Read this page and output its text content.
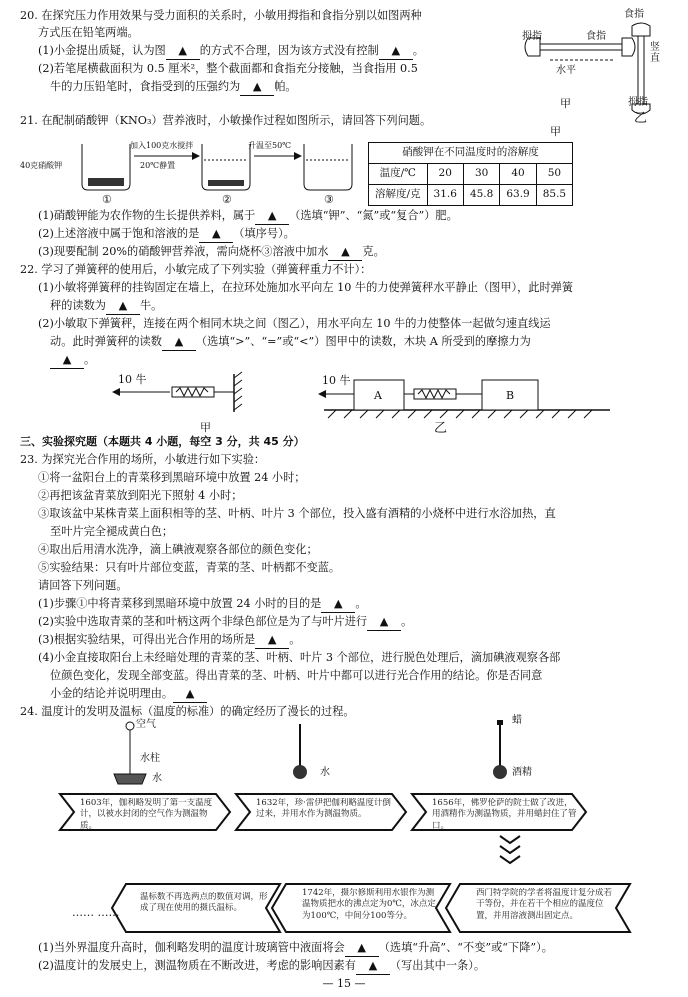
20. 在探究压力作用效果与受力面积的关系时，小敏用拇指和食指分别以如图两种
方式压在铅笔两端。
(1)小金提出质疑，认为图 ▲ 的方式不合理，因为该方式没有控制 ▲ 。
(2)若笔尾横截面积为 0.5 厘米²，整个截面都和食指充分接触，当食指用 0.5
牛的力压铅笔时，食指受到的压强约为 ▲ 帕。
拇指	食指
水平
食指
竖直
拇指
甲
乙
21. 在配制硝酸钾（KNO₃）营养液时，小敏操作过程如图所示，请回答下列问题。
40克硝酸钾
加入100克水搅拌
20℃静置
升温至50℃
①	②	③
甲
硝酸钾在不同温度时的溶解度				
温度/℃	20	30	40	50
溶解度/克	31.6	45.8	63.9	85.5
(1)硝酸钾能为农作物的生长提供养料，属于 ▲ （选填“钾”、“氮”或“复合”）肥。
(2)上述溶液中属于饱和溶液的是 ▲ （填序号）。
(3)现要配制 20%的硝酸钾营养液，需向烧杯③溶液中加水 ▲ 克。
22. 学习了弹簧秤的使用后，小敏完成了下列实验（弹簧秤重力不计）：
(1)小敏将弹簧秤的挂钩固定在墙上，在拉环处施加水平向左 10 牛的力使弹簧秤水平静止（图甲），此时弹簧
秤的读数为 ▲ 牛。
(2)小敏取下弹簧秤，连接在两个相同木块之间（图乙），用水平向左 10 牛的力使整体一起做匀速直线运
动。此时弹簧秤的读数 ▲ （选填“>”、“=”或“<”）图甲中的读数，木块 A 所受到的摩擦力为
▲ 。
10 牛	10 牛
A	B
甲	乙
三、实验探究题（本题共 4 小题，每空 3 分，共 45 分）
23. 为探究光合作用的场所，小敏进行如下实验：
①将一盆阳台上的青菜移到黑暗环境中放置 24 小时；
②再把该盆青菜放到阳光下照射 4 小时；
③取该盆中某株青菜上面积相等的茎、叶柄、叶片 3 个部位，投入盛有酒精的小烧杯中进行水浴加热，直
至叶片完全褪成黄白色；
④取出后用清水洗净，滴上碘液观察各部位的颜色变化；
⑤实验结果：只有叶片部位变蓝，青菜的茎、叶柄都不变蓝。
请回答下列问题。
(1)步骤①中将青菜移到黑暗环境中放置 24 小时的目的是 ▲ 。
(2)实验中选取青菜的茎和叶柄这两个非绿色部位是为了与叶片进行 ▲ 。
(3)根据实验结果，可得出光合作用的场所是 ▲ 。
(4)小金直接取阳台上未经暗处理的青菜的茎、叶柄、叶片 3 个部位，进行脱色处理后，滴加碘液观察各部
位颜色变化，发现全部变蓝。得出青菜的茎、叶柄、叶片中都可以进行光合作用的结论。你是否同意
小金的结论并说明理由。 ▲
24. 温度计的发明及温标（温度的标准）的确定经历了漫长的过程。
空气
水柱
水
水
蜡
酒精
1603年，伽利略发明了第一支温度计，以被水封闭的空气作为测温物质。
1632年，珍·雷伊把伽利略温度计倒过来，并用水作为测温物质。
1656年，佛罗伦萨的院士做了改进，用酒精作为测温物质，并用蜡封住了管口。
西门特学院的学者将温度计复分成若干等份，并在若干个相应的温度位置，并用溶液测出固定点。
1742年，摄尔修斯利用水银作为测温物质把水的沸点定为0℃，冰点定为100℃，中间分100等分。
温标数不再选两点的数值对调，形成了现在使用的摄氏温标。
…… ……
(1)当外界温度升高时，伽利略发明的温度计玻璃管中液面将会 ▲ （选填“升高”、“不变”或“下降”）。
(2)温度计的发展史上，测温物质在不断改进，考虑的影响因素有 ▲ （写出其中一条）。
— 15 —
